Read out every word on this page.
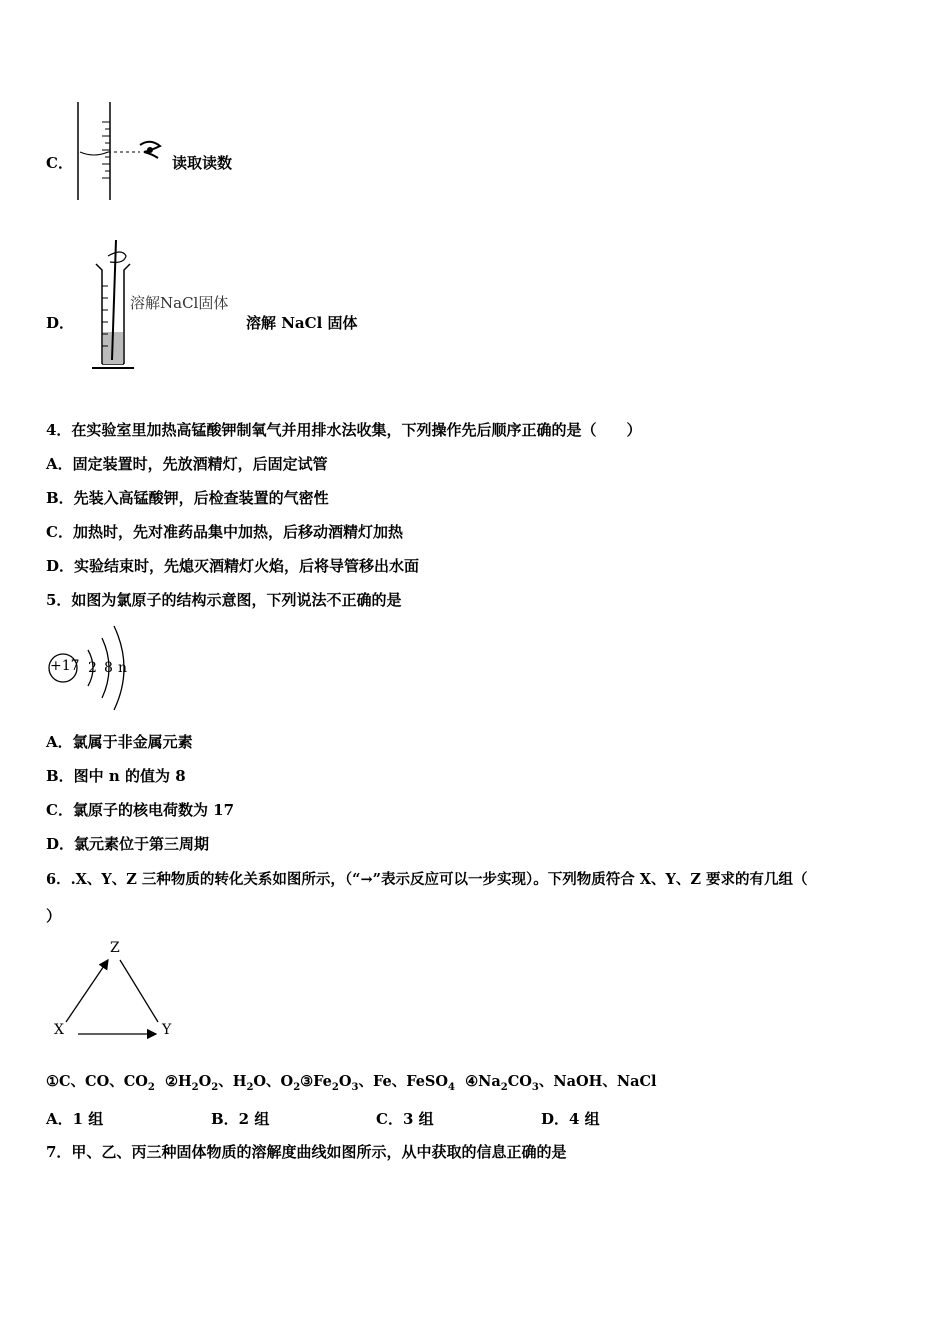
C．	读取读数
D．
溶解NaCl固体
溶解 NaCl 固体
4．在实验室里加热高锰酸钾制氧气并用排水法收集，下列操作先后顺序正确的是（　　）
A．固定装置时，先放酒精灯，后固定试管
B．先装入高锰酸钾，后检查装置的气密性
C．加热时，先对准药品集中加热，后移动酒精灯加热
D．实验结束时，先熄灭酒精灯火焰，后将导管移出水面
5．如图为氯原子的结构示意图，下列说法不正确的是
+17 2 8 n
A．氯属于非金属元素
B．图中 n 的值为 8
C．氯原子的核电荷数为 17
D．氯元素位于第三周期
6．.X、Y、Z 三种物质的转化关系如图所示，（“→”表示反应可以一步实现）。下列物质符合 X、Y、Z 要求的有几组（
）
Z
X	Y
①C、CO、$CO_2$ $②H_2O_2$、$H_2O$、$O_2③Fe_2O_3$、Fe、FeSO$_4$ $④Na_2CO_3$、NaOH、NaCl
A．1 组	B．2 组	C．3 组	D．4 组
7．甲、乙、丙三种固体物质的溶解度曲线如图所示，从中获取的信息正确的是
